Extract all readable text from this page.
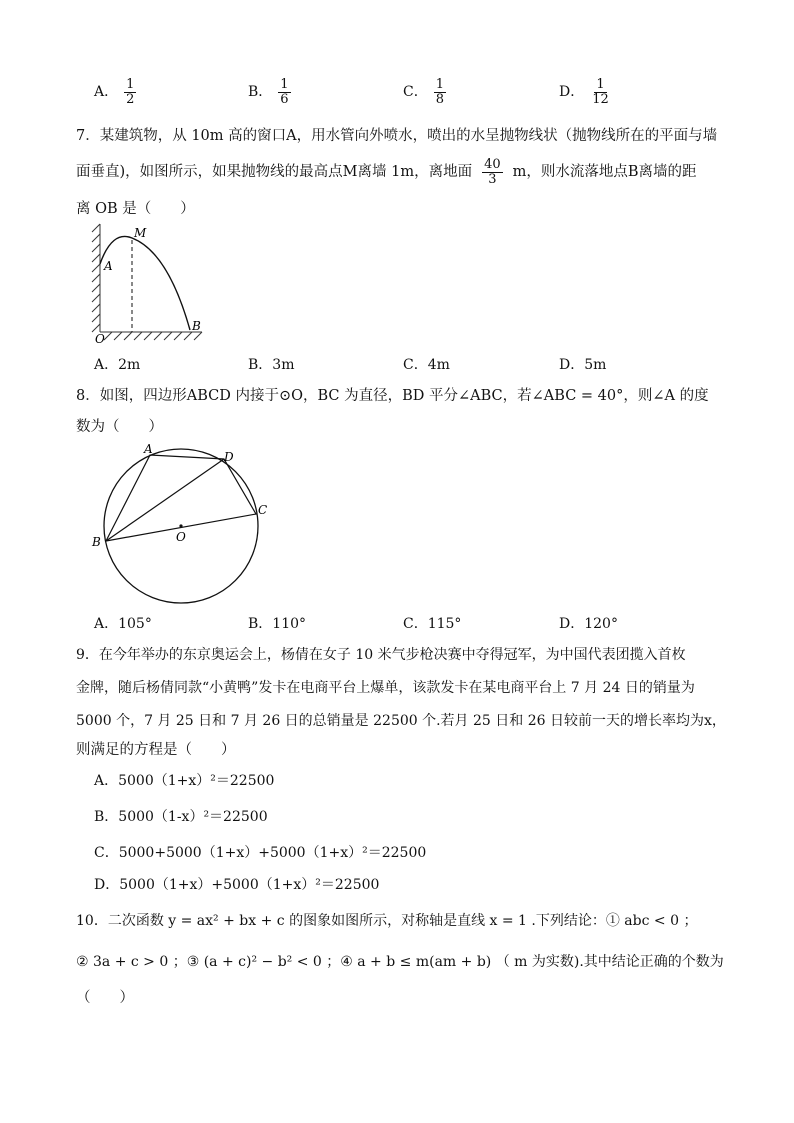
A． $\frac{1}{2}$	B． $\frac{1}{6}$	C． $\frac{1}{8}$	D． $\frac{1}{12}$
7．某建筑物，从 10m 高的窗口A，用水管向外喷水，喷出的水呈抛物线状（抛物线所在的平面与墙
面垂直)，如图所示，如果抛物线的最高点M离墙 1m，离地面 $\frac{40}{3}$ m，则水流落地点B离墙的距
离 OB 是（　　）
M
A
O
B
A．2m	B．3m	C．4m	D．5m
8．如图，四边形ABCD 内接于⊙O，BC 为直径，BD 平分∠ABC，若∠ABC = 40°，则∠A 的度
数为（　　）
A
B
C
D
O
A．105°	B．110°	C．115°	D．120°
9．在今年举办的东京奥运会上，杨倩在女子 10 米气步枪决赛中夺得冠军，为中国代表团揽入首枚
金牌，随后杨倩同款“小黄鸭”发卡在电商平台上爆单，该款发卡在某电商平台上 7 月 24 日的销量为
5000 个，7 月 25 日和 7 月 26 日的总销量是 22500 个.若月 25 日和 26 日较前一天的增长率均为x，
则满足的方程是（　　）
A．5000（1+x）²＝22500
B．5000（1-x）²＝22500
C．5000+5000（1+x）+5000（1+x）²＝22500
D．5000（1+x）+5000（1+x）²＝22500
10．二次函数 y = ax² + bx + c 的图象如图所示，对称轴是直线 x = 1 .下列结论：① abc < 0 ；
② 3a + c > 0 ；③ (a + c)² − b² < 0 ；④ a + b ≤ m(am + b) （ m 为实数).其中结论正确的个数为
（　　）
